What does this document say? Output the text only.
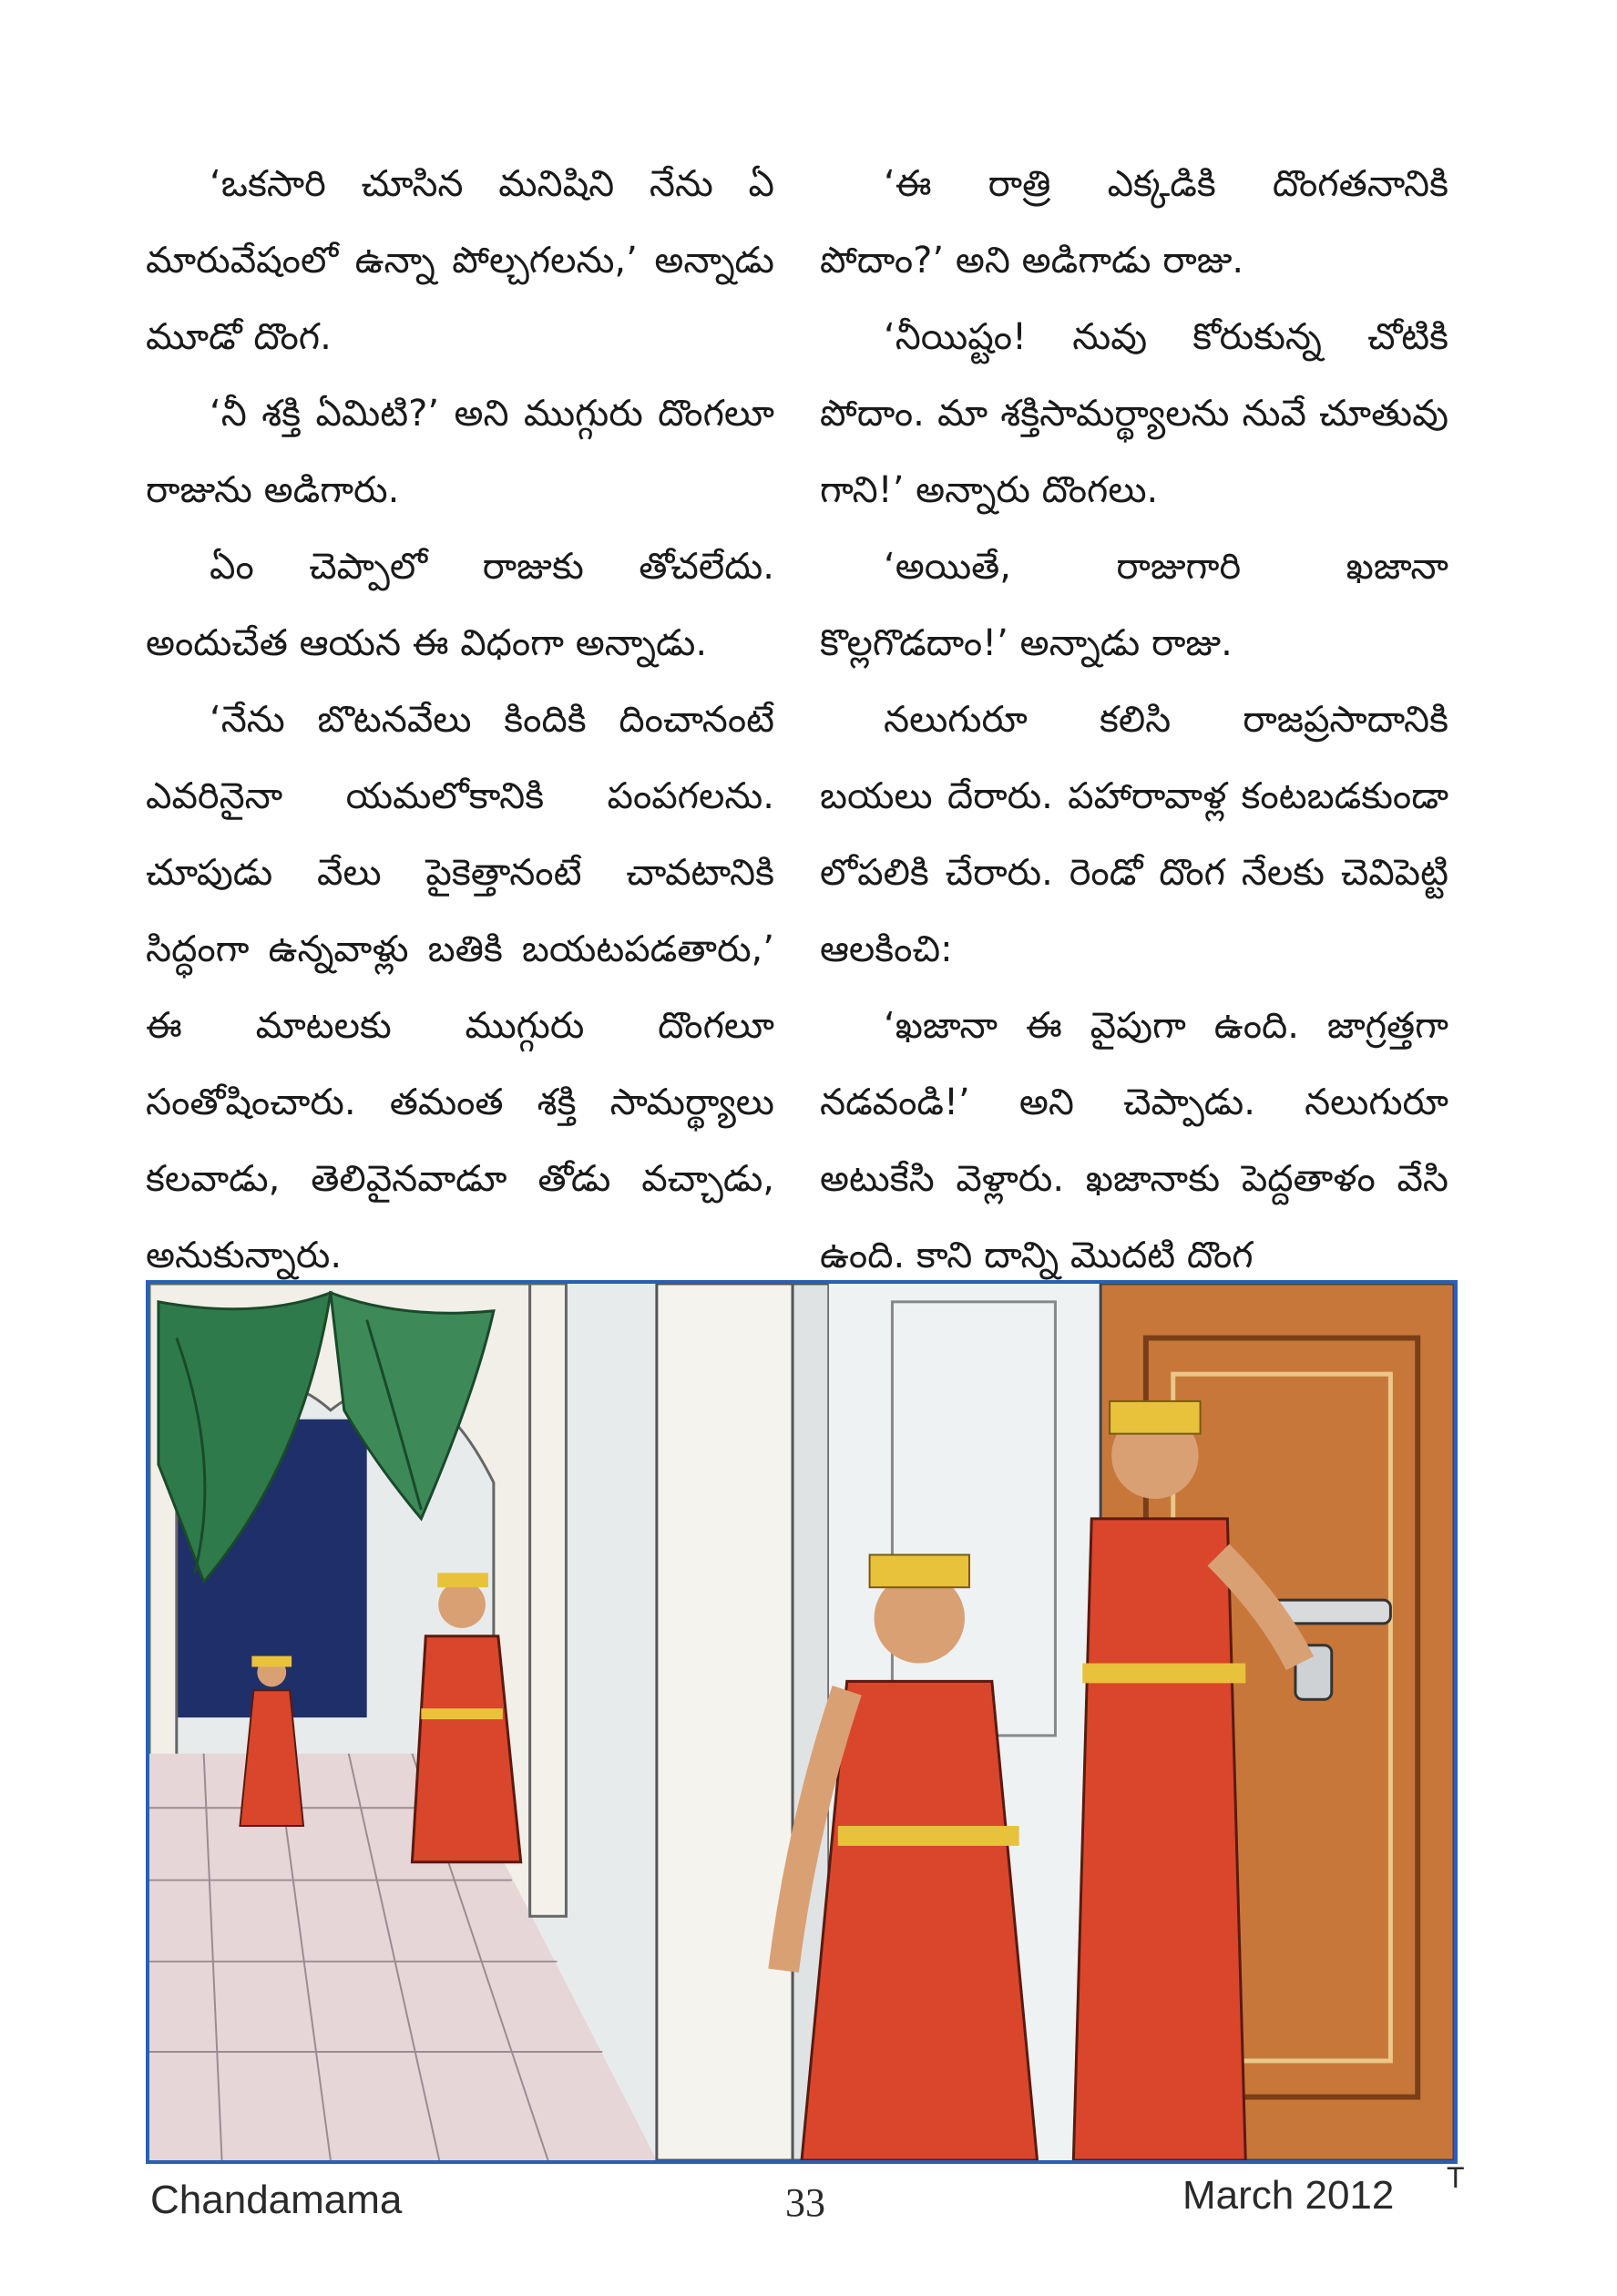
‘ఒకసారి చూసిన మనిషిని నేను ఏ మారువేషంలో ఉన్నా పోల్చగలను,’ అన్నాడు మూడో దొంగ.

‘నీ శక్తి ఏమిటి?’ అని ముగ్గురు దొంగలూ రాజును అడిగారు.

ఏం చెప్పాలో రాజుకు తోచలేదు. అందుచేత ఆయన ఈ విధంగా అన్నాడు.

‘నేను బొటనవేలు కిందికి దించానంటే ఎవరినైనా యమలోకానికి పంపగలను. చూపుడు వేలు పైకెత్తానంటే చావటానికి సిద్ధంగా ఉన్నవాళ్లు బతికి బయటపడతారు,’ ఈ మాటలకు ముగ్గురు దొంగలూ సంతోషించారు. తమంత శక్తి సామర్థ్యాలు కలవాడు, తెలివైనవాడూ తోడు వచ్చాడు, అనుకున్నారు.

‘ఈ రాత్రి ఎక్కడికి దొంగతనానికి పోదాం?’ అని అడిగాడు రాజు.

‘నీయిష్టం! నువు కోరుకున్న చోటికి పోదాం. మా శక్తిసామర్థ్యాలను నువే చూతువు గాని!’ అన్నారు దొంగలు.

‘అయితే, రాజుగారి ఖజానా కొల్లగొడదాం!’ అన్నాడు రాజు.

నలుగురూ కలిసి రాజప్రసాదానికి బయలు దేరారు. పహారావాళ్ల కంటబడకుండా లోపలికి చేరారు. రెండో దొంగ నేలకు చెవిపెట్టి ఆలకించి:

‘ఖజానా ఈ వైపుగా ఉంది. జాగ్రత్తగా నడవండి!’ అని చెప్పాడు. నలుగురూ అటుకేసి వెళ్లారు. ఖజానాకు పెద్దతాళం వేసి ఉంది. కాని దాన్ని మొదటి దొంగ

Chandamama	33	March 2012 T
